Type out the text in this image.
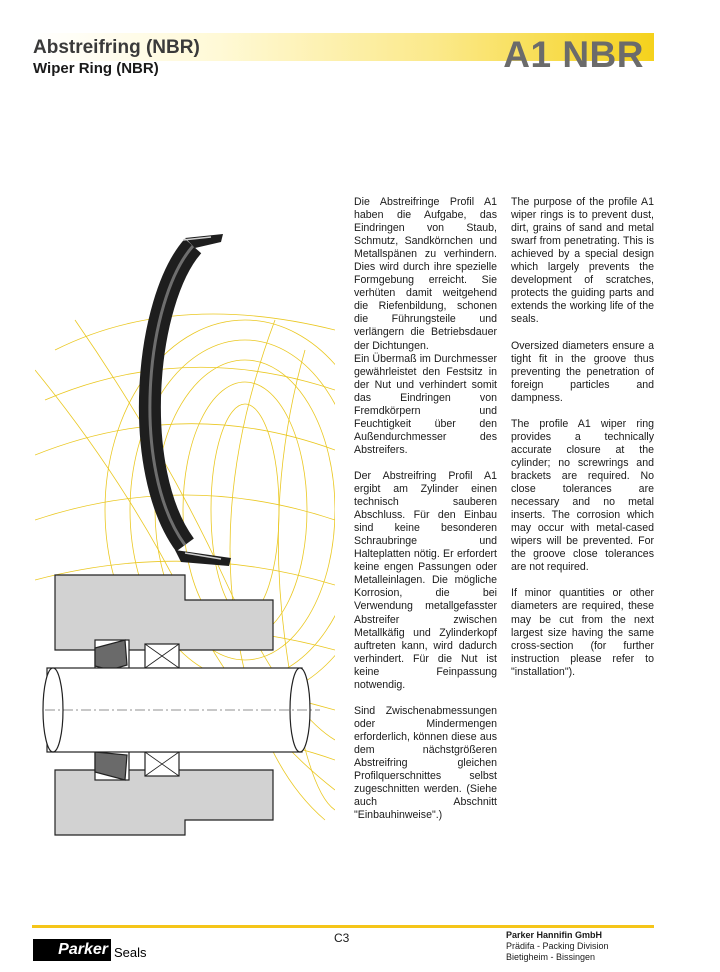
Abstreifring (NBR)
Wiper Ring (NBR)	A1 NBR

Die Abstreifringe Profil A1 haben die Aufgabe, das Eindringen von Staub, Schmutz, Sandkörnchen und Metallspänen zu verhindern. Dies wird durch ihre spezielle Formgebung erreicht. Sie verhüten damit weitgehend die Riefenbildung, schonen die Führungsteile und verlängern die Betriebsdauer der Dichtungen.
Ein Übermaß im Durchmesser gewährleistet den Festsitz in der Nut und verhindert somit das Eindringen von Fremdkörpern und Feuchtigkeit über den Außendurchmesser des Abstreifers.

Der Abstreifring Profil A1 ergibt am Zylinder einen technisch sauberen Abschluss. Für den Einbau sind keine besonderen Schraubringe und Halteplatten nötig. Er erfordert keine engen Passungen oder Metalleinlagen. Die mögliche Korrosion, die bei Verwendung metallgefasster Abstreifer zwischen Metallkäfig und Zylinderkopf auftreten kann, wird dadurch verhindert. Für die Nut ist keine Feinpassung notwendig.

Sind Zwischenabmessungen oder Mindermengen erforderlich, können diese aus dem nächstgrößeren Abstreifring gleichen Profilquerschnittes selbst zugeschnitten werden. (Siehe auch Abschnitt "Einbauhinweise".)

The purpose of the profile A1 wiper rings is to prevent dust, dirt, grains of sand and metal swarf from penetrating. This is achieved by a special design which largely prevents the development of scratches, protects the guiding parts and extends the working life of the seals.

Oversized diameters ensure a tight fit in the groove thus preventing the penetration of foreign particles and dampness.

The profile A1 wiper ring provides a technically accurate closure at the cylinder; no screwrings and brackets are required. No close tolerances are necessary and no metal inserts. The corrosion which may occur with metal-cased wipers will be prevented. For the groove close tolerances are not required.

If minor quantities or other diameters are required, these may be cut from the next largest size having the same cross-section (for further instruction please refer to "installation").

Parker Seals
C3	Parker Hannifin GmbH
Prädifa - Packing Division
Bietigheim - Bissingen
